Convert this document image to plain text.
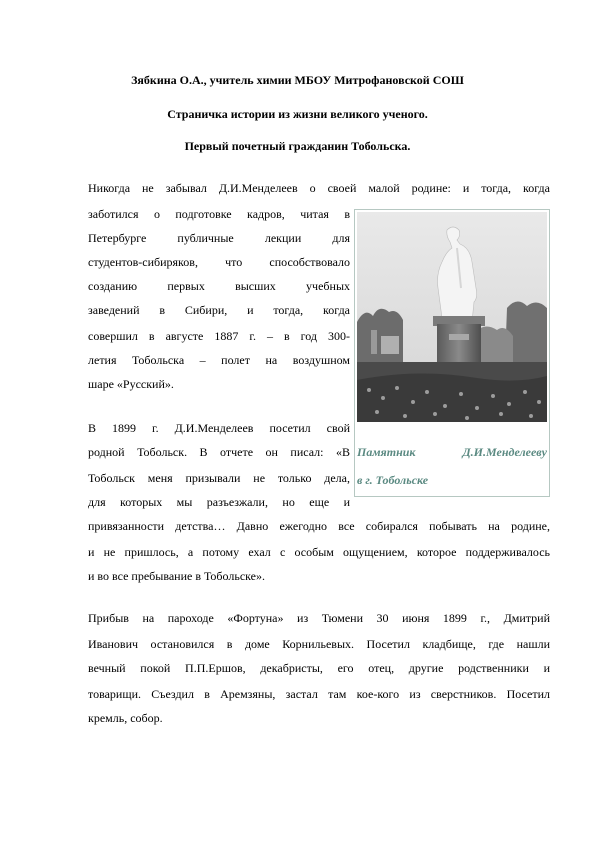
Зябкина О.А., учитель химии МБОУ Митрофановской СОШ
Страничка истории из жизни великого ученого.
Первый почетный гражданин Тобольска.
Никогда не забывал Д.И.Менделеев о своей малой родине: и тогда, когда
заботился о подготовке кадров, читая в
Петербурге публичные лекции для
студентов-сибиряков, что способствовало
созданию первых высших учебных
заведений в Сибири, и тогда, когда
совершил в августе 1887 г. – в год 300-
летия Тобольска – полет на воздушном
шаре «Русский».
В 1899 г. Д.И.Менделеев посетил свой
родной Тобольск. В отчете он писал: «В
Тобольск меня призывали не только дела,
для которых мы разъезжали, но еще и
привязанности детства… Давно ежегодно все собирался побывать на родине,
и не пришлось, а потому ехал с особым ощущением, которое поддерживалось
и во все пребывание в Тобольске».
Прибыв на пароходе «Фортуна» из Тюмени 30 июня 1899 г., Дмитрий
Иванович остановился в доме Корнильевых. Посетил кладбище, где нашли
вечный покой П.П.Ершов, декабристы, его отец, другие родственники и
товарищи. Съездил в Аремзяны, застал там кое-кого из сверстников. Посетил
кремль, собор.
Памятник Д.И.Менделееву
в г. Тобольске
